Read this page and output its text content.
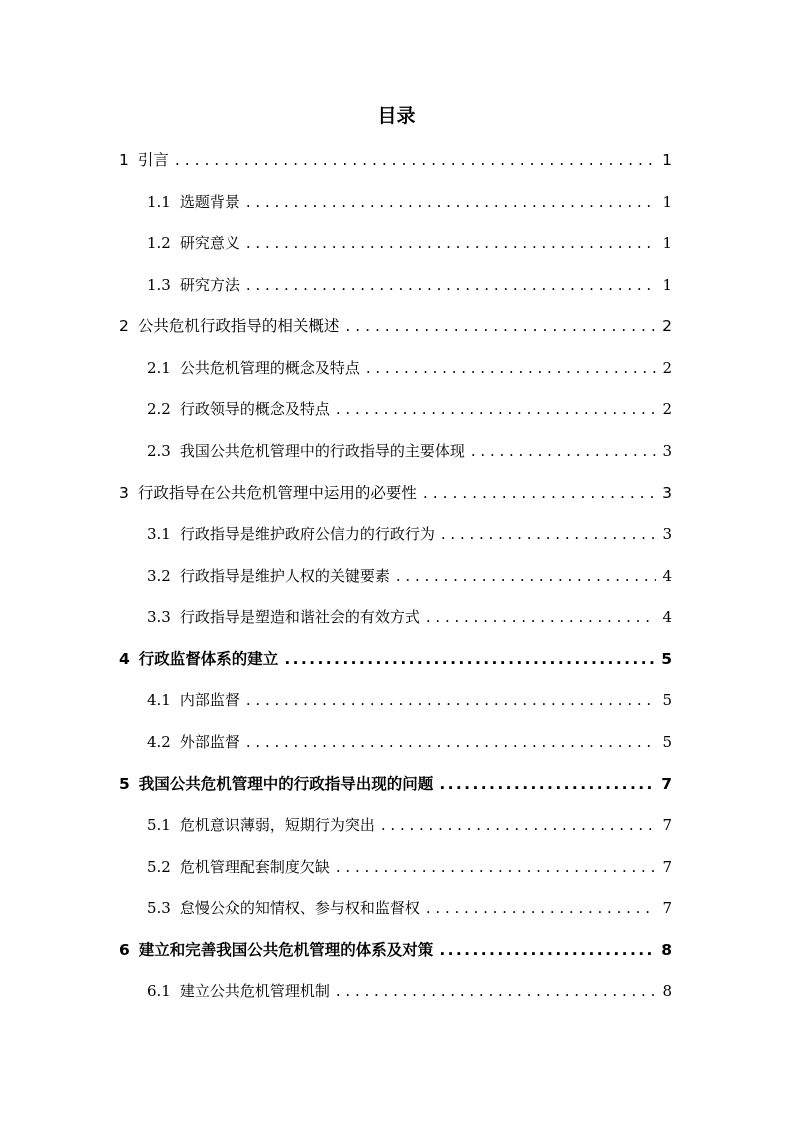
目录
1 引言 . . .	1
1.1 选题背景 . . .	1
1.2 研究意义 . . .	1
1.3 研究方法 . . .	1
2 公共危机行政指导的相关概述 . . .	2
2.1 公共危机管理的概念及特点 . . .	2
2.2 行政领导的概念及特点 . . .	2
2.3 我国公共危机管理中的行政指导的主要体现 . . .	3
3 行政指导在公共危机管理中运用的必要性 . . .	3
3.1 行政指导是维护政府公信力的行政行为 . . .	3
3.2 行政指导是维护人权的关键要素 . . .	4
3.3 行政指导是塑造和谐社会的有效方式 . . .	4
4 行政监督体系的建立 .....	5
4.1 内部监督 . . .	5
4.2 外部监督 . . .	5
5 我国公共危机管理中的行政指导出现的问题 .....	7
5.1 危机意识薄弱，短期行为突出 . . .	7
5.2 危机管理配套制度欠缺 . . .	7
5.3 怠慢公众的知情权、参与权和监督权 . . .	7
6 建立和完善我国公共危机管理的体系及对策 .....	8
6.1 建立公共危机管理机制 . . .	8
